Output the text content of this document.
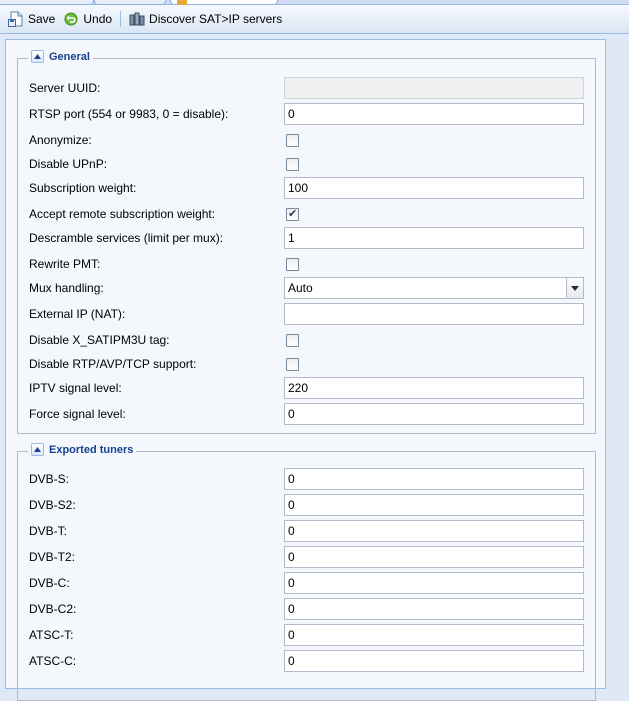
Save Undo	Discover SAT>IP servers
General
Server UUID:
RTSP port (554 or 9983, 0 = disable):	0
Anonymize:
Disable UPnP:
Subscription weight:	100
Accept remote subscription weight:	✔
Descramble services (limit per mux):	1
Rewrite PMT:
Mux handling:	Auto
External IP (NAT):
Disable X_SATIPM3U tag:
Disable RTP/AVP/TCP support:
IPTV signal level:	220
Force signal level:	0
Exported tuners
DVB-S:	0
DVB-S2:	0
DVB-T:	0
DVB-T2:	0
DVB-C:	0
DVB-C2:	0
ATSC-T:	0
ATSC-C:	0
